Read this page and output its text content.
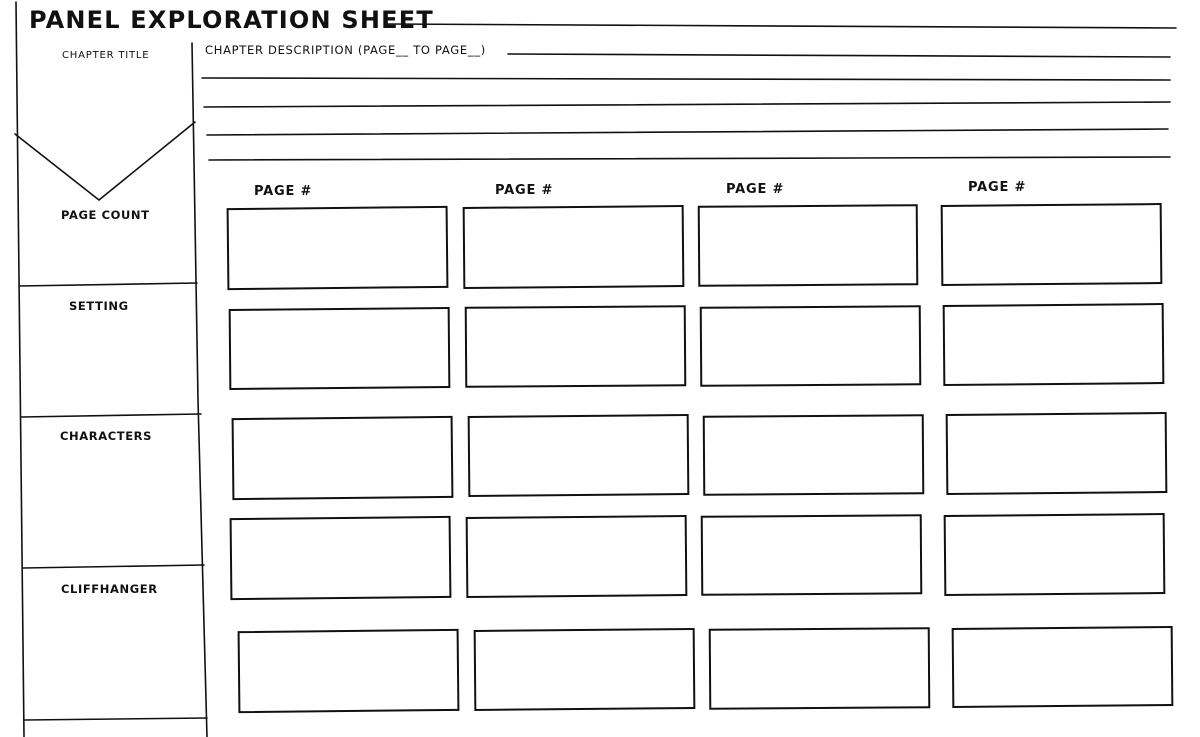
PANEL EXPLORATION SHEET
CHAPTER TITLE
PAGE COUNT
SETTING
CHARACTERS
CLIFFHANGER
CHAPTER DESCRIPTION (PAGE__ TO PAGE__)
PAGE #	PAGE #	PAGE #	PAGE #
